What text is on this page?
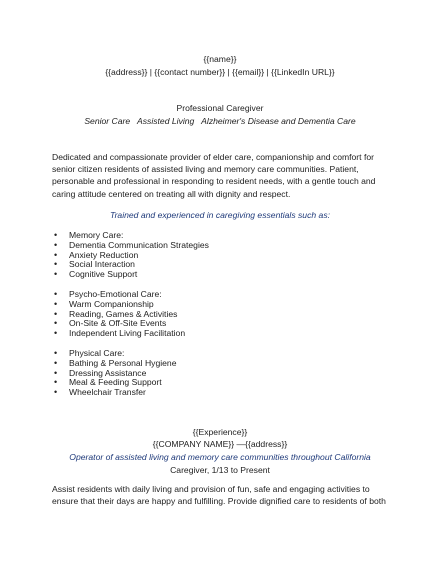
{{name}}
{{address}} | {{contact number}} | {{email}} | {{LinkedIn URL}}
Professional Caregiver
Senior Care   Assisted Living   Alzheimer's Disease and Dementia Care
Dedicated and compassionate provider of elder care, companionship and comfort for senior citizen residents of assisted living and memory care communities. Patient, personable and professional in responding to resident needs, with a gentle touch and caring attitude centered on treating all with dignity and respect.
Trained and experienced in caregiving essentials such as:
• Memory Care:
• Dementia Communication Strategies
• Anxiety Reduction
• Social Interaction
• Cognitive Support
• Psycho-Emotional Care:
• Warm Companionship
• Reading, Games & Activities
• On-Site & Off-Site Events
• Independent Living Facilitation
• Physical Care:
• Bathing & Personal Hygiene
• Dressing Assistance
• Meal & Feeding Support
• Wheelchair Transfer
{{Experience}}
{{COMPANY NAME}} —{{address}}
Operator of assisted living and memory care communities throughout California
Caregiver, 1/13 to Present
Assist residents with daily living and provision of fun, safe and engaging activities to ensure that their days are happy and fulfilling. Provide dignified care to residents of both
